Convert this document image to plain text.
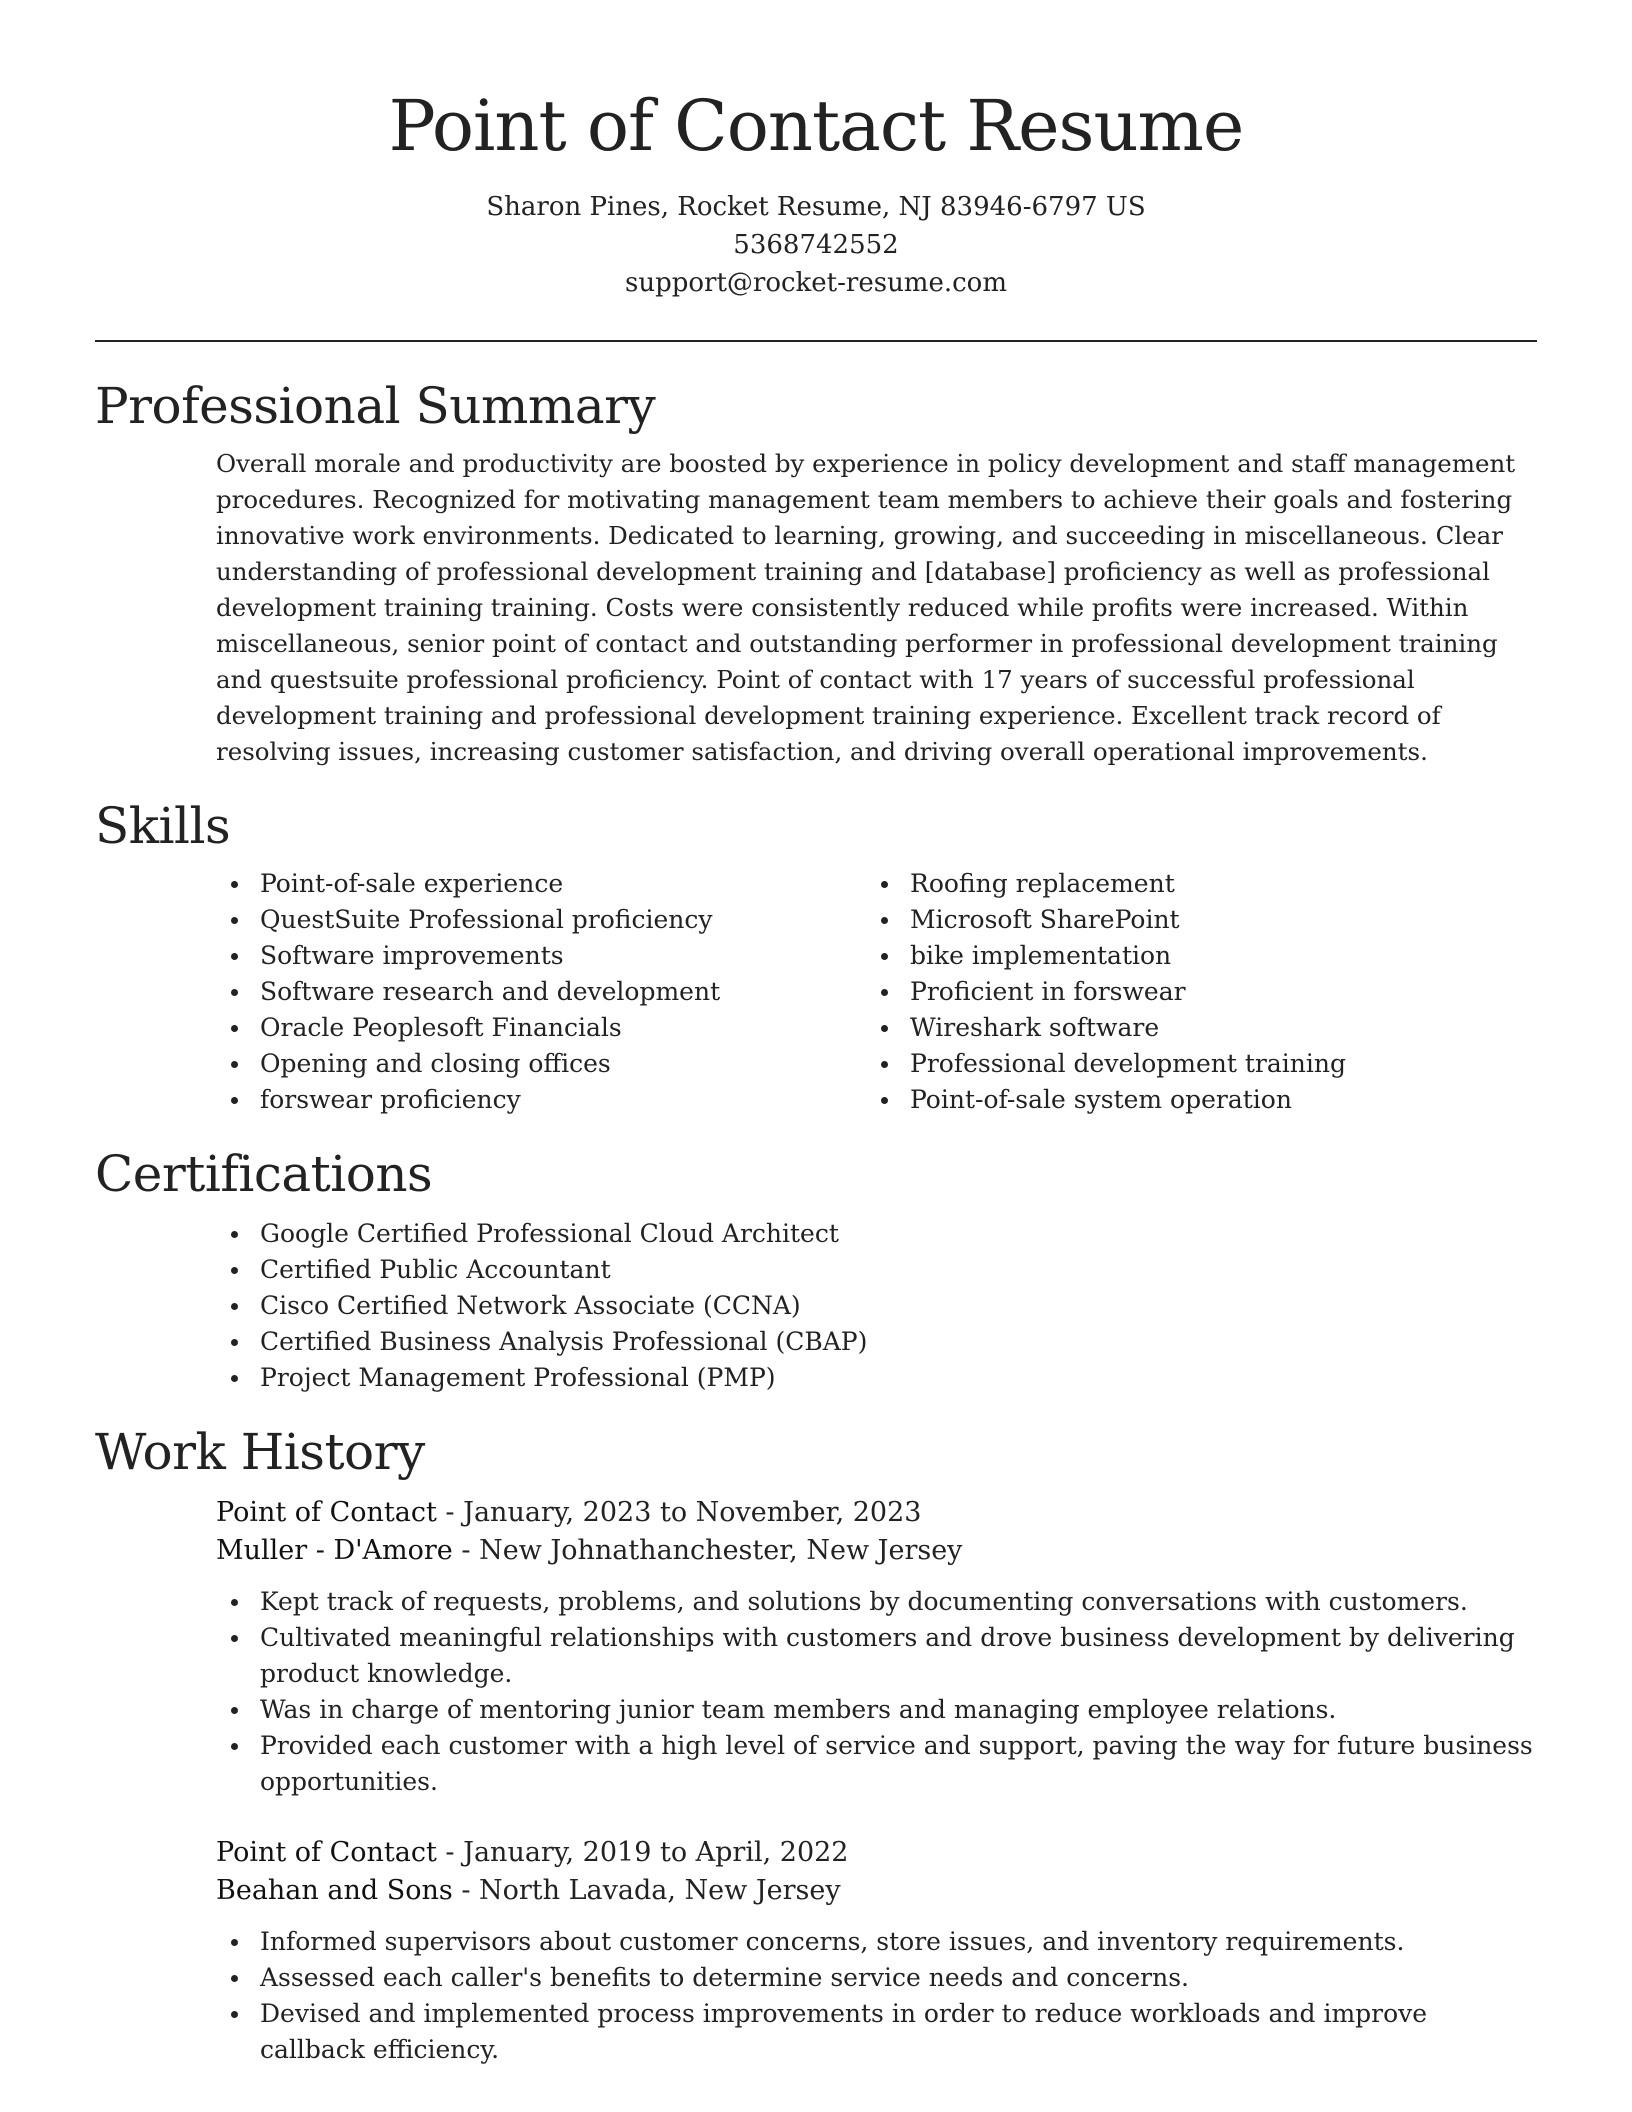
Point of Contact Resume
Sharon Pines, Rocket Resume, NJ 83946-6797 US
5368742552
support@rocket-resume.com
Professional Summary

Overall morale and productivity are boosted by experience in policy development and staff management procedures. Recognized for motivating management team members to achieve their goals and fostering innovative work environments. Dedicated to learning, growing, and succeeding in miscellaneous. Clear understanding of professional development training and [database] proficiency as well as professional development training training. Costs were consistently reduced while profits were increased. Within miscellaneous, senior point of contact and outstanding performer in professional development training and questsuite professional proficiency. Point of contact with 17 years of successful professional development training and professional development training experience. Excellent track record of resolving issues, increasing customer satisfaction, and driving overall operational improvements.

Skills
Point-of-sale experience
QuestSuite Professional proficiency
Software improvements
Software research and development
Oracle Peoplesoft Financials
Opening and closing offices
forswear proficiency
Roofing replacement
Microsoft SharePoint
bike implementation
Proficient in forswear
Wireshark software
Professional development training
Point-of-sale system operation
Certifications
Google Certified Professional Cloud Architect
Certified Public Accountant
Cisco Certified Network Associate (CCNA)
Certified Business Analysis Professional (CBAP)
Project Management Professional (PMP)
Work History
Point of Contact - January, 2023 to November, 2023
Muller - D'Amore - New Johnathanchester, New Jersey
Kept track of requests, problems, and solutions by documenting conversations with customers.
Cultivated meaningful relationships with customers and drove business development by delivering product knowledge.
Was in charge of mentoring junior team members and managing employee relations.
Provided each customer with a high level of service and support, paving the way for future business opportunities.
Point of Contact - January, 2019 to April, 2022
Beahan and Sons - North Lavada, New Jersey
Informed supervisors about customer concerns, store issues, and inventory requirements.
Assessed each caller's benefits to determine service needs and concerns.
Devised and implemented process improvements in order to reduce workloads and improve callback efficiency.
